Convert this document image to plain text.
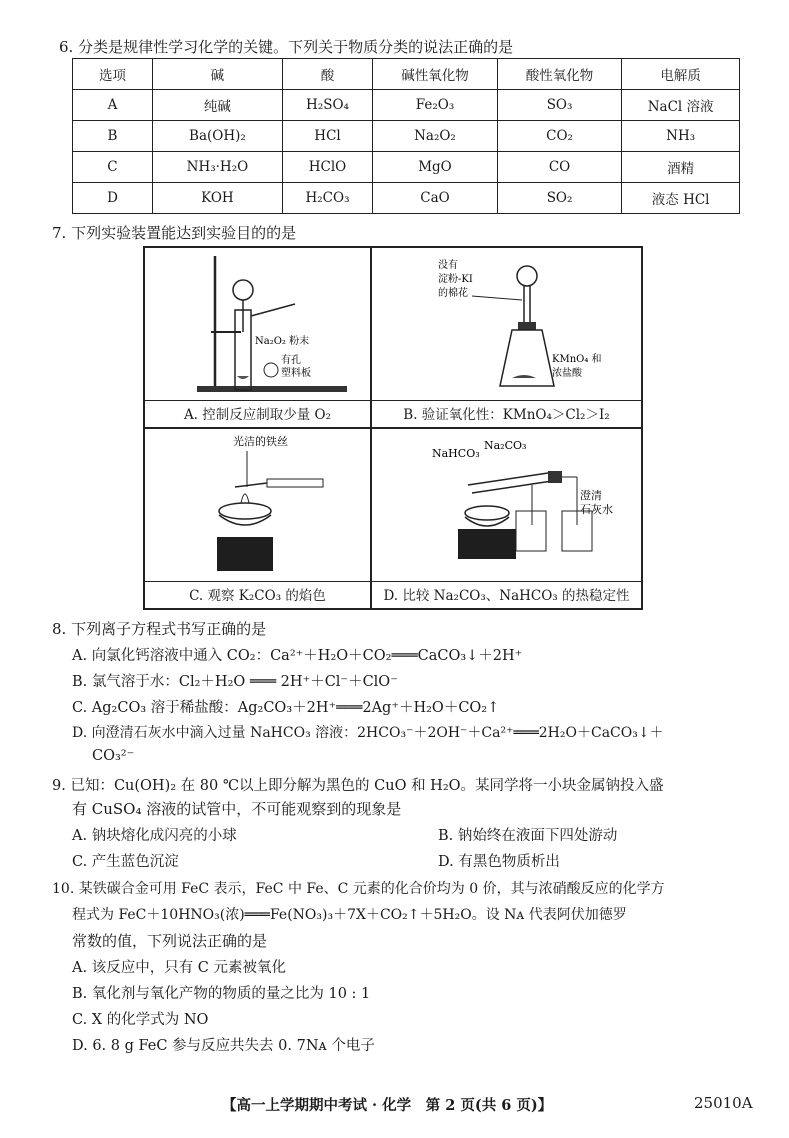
6. 分类是规律性学习化学的关键。下列关于物质分类的说法正确的是
选项	碱	酸	碱性氧化物	酸性氧化物	电解质
A	纯碱	H₂SO₄	Fe₂O₃	SO₃	NaCl 溶液
B	Ba(OH)₂	HCl	Na₂O₂	CO₂	NH₃
C	NH₃·H₂O	HClO	MgO	CO	酒精
D	KOH	H₂CO₃	CaO	SO₂	液态 HCl
7. 下列实验装置能达到实验目的的是
Na₂O₂ 粉末
有孔
塑料板
A. 控制反应制取少量 O₂
没有
淀粉-KI
的棉花
KMnO₄ 和
浓盐酸
B. 验证氧化性：KMnO₄＞Cl₂＞I₂
光洁的铁丝
C. 观察 K₂CO₃ 的焰色
NaHCO₃
Na₂CO₃
澄清
石灰水
D. 比较 Na₂CO₃、NaHCO₃ 的热稳定性
8. 下列离子方程式书写正确的是
A. 向氯化钙溶液中通入 CO₂：Ca²⁺＋H₂O＋CO₂═══CaCO₃↓＋2H⁺
B. 氯气溶于水：Cl₂＋H₂O ═══ 2H⁺＋Cl⁻＋ClO⁻
C. Ag₂CO₃ 溶于稀盐酸：Ag₂CO₃＋2H⁺═══2Ag⁺＋H₂O＋CO₂↑
D. 向澄清石灰水中滴入过量 NaHCO₃ 溶液：2HCO₃⁻＋2OH⁻＋Ca²⁺═══2H₂O＋CaCO₃↓＋
CO₃²⁻
9. 已知：Cu(OH)₂ 在 80 ℃以上即分解为黑色的 CuO 和 H₂O。某同学将一小块金属钠投入盛
有 CuSO₄ 溶液的试管中，不可能观察到的现象是
A. 钠块熔化成闪亮的小球	B. 钠始终在液面下四处游动
C. 产生蓝色沉淀	D. 有黑色物质析出
10. 某铁碳合金可用 FeC 表示，FeC 中 Fe、C 元素的化合价均为 0 价，其与浓硝酸反应的化学方
程式为 FeC＋10HNO₃(浓)═══Fe(NO₃)₃＋7X＋CO₂↑＋5H₂O。设 Nᴀ 代表阿伏加德罗
常数的值，下列说法正确的是
A. 该反应中，只有 C 元素被氧化
B. 氧化剂与氧化产物的物质的量之比为 10 : 1
C. X 的化学式为 NO
D. 6. 8 g FeC 参与反应共失去 0. 7Nᴀ 个电子
【高一上学期期中考试 · 化学　第 2 页(共 6 页)】	25010A
